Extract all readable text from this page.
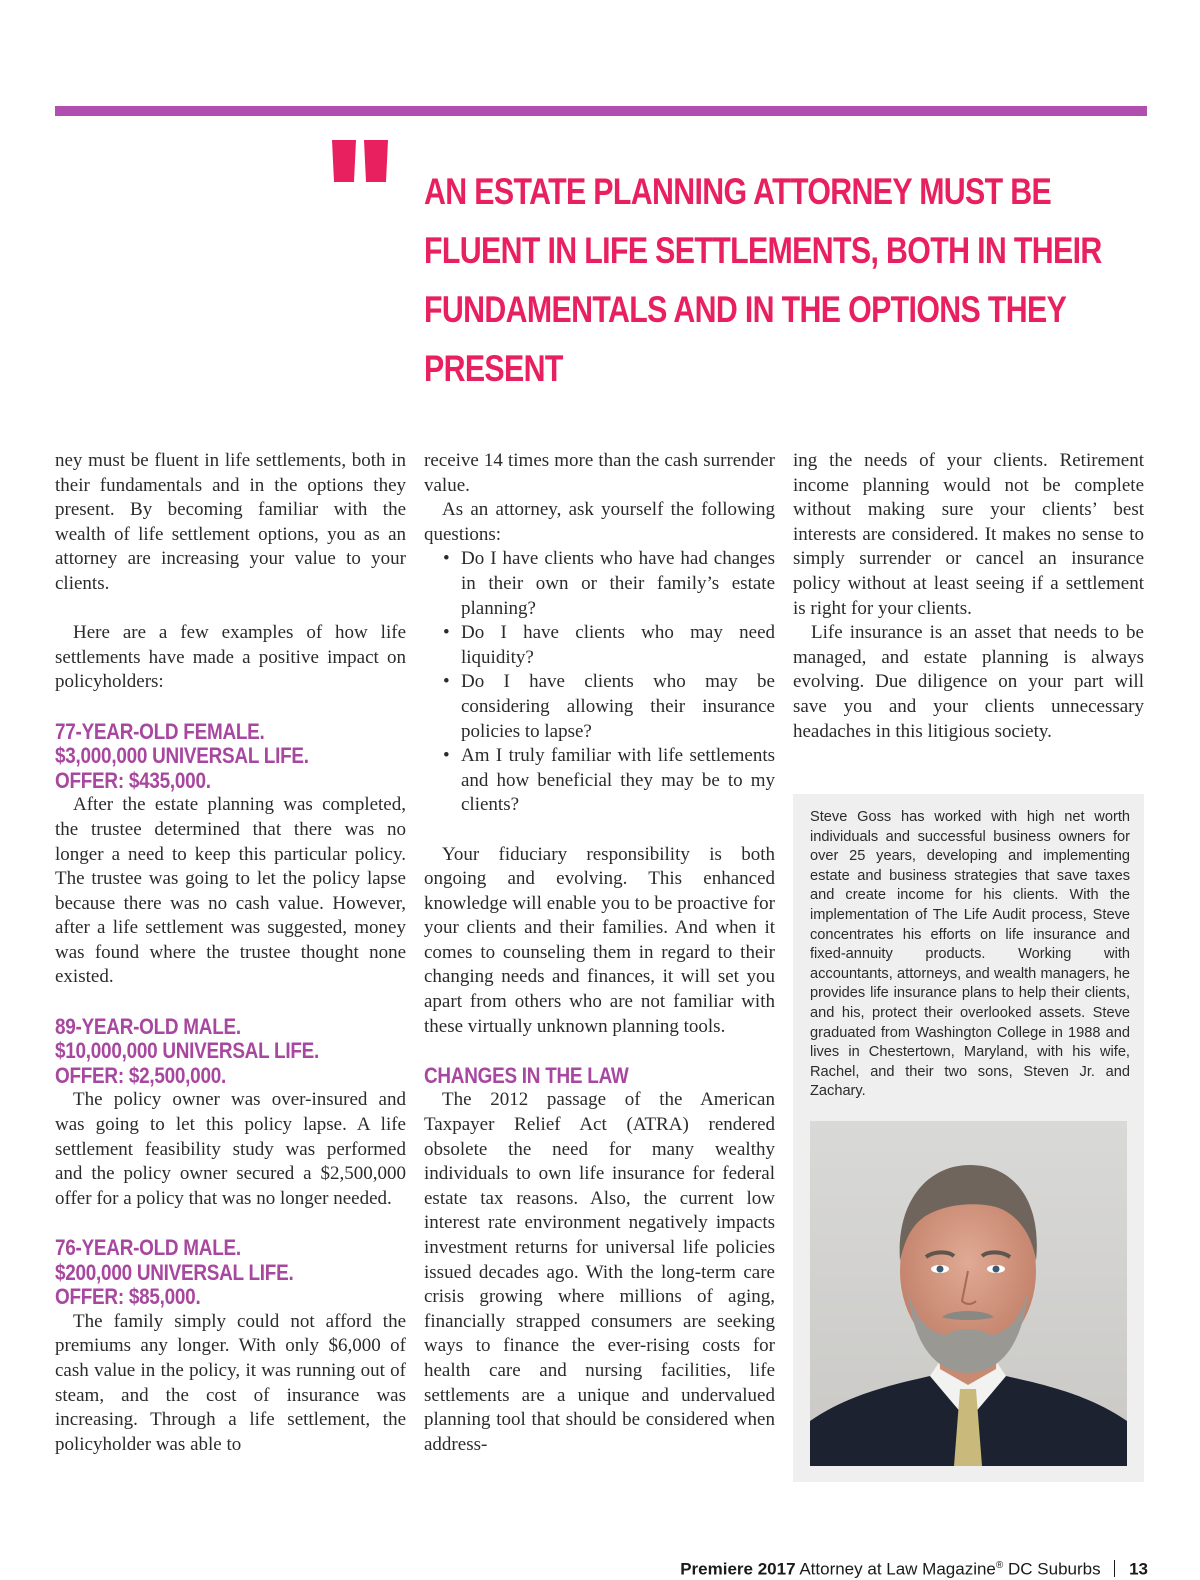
AN ESTATE PLANNING ATTORNEY MUST BE FLUENT IN LIFE SETTLEMENTS, BOTH IN THEIR FUNDAMENTALS AND IN THE OPTIONS THEY PRESENT

ney must be fluent in life settlements, both in their fundamentals and in the options they present. By becoming familiar with the wealth of life settlement options, you as an attorney are increasing your value to your clients.

Here are a few examples of how life settlements have made a positive impact on policyholders:

77-YEAR-OLD FEMALE.
$3,000,000 UNIVERSAL LIFE.
OFFER: $435,000.

After the estate planning was completed, the trustee determined that there was no longer a need to keep this particular policy. The trustee was going to let the policy lapse because there was no cash value. However, after a life settlement was suggested, money was found where the trustee thought none existed.

89-YEAR-OLD MALE.
$10,000,000 UNIVERSAL LIFE.
OFFER: $2,500,000.

The policy owner was over-insured and was going to let this policy lapse. A life settlement feasibility study was performed and the policy owner secured a $2,500,000 offer for a policy that was no longer needed.

76-YEAR-OLD MALE.
$200,000 UNIVERSAL LIFE.
OFFER: $85,000.

The family simply could not afford the premiums any longer. With only $6,000 of cash value in the policy, it was running out of steam, and the cost of insurance was increasing. Through a life settlement, the policyholder was able to

receive 14 times more than the cash surrender value.

As an attorney, ask yourself the following questions:

• Do I have clients who have had changes in their own or their family’s estate planning?
• Do I have clients who may need liquidity?
• Do I have clients who may be considering allowing their insurance policies to lapse?
• Am I truly familiar with life settlements and how beneficial they may be to my clients?

Your fiduciary responsibility is both ongoing and evolving. This enhanced knowledge will enable you to be proactive for your clients and their families. And when it comes to counseling them in regard to their changing needs and finances, it will set you apart from others who are not familiar with these virtually unknown planning tools.

CHANGES IN THE LAW

The 2012 passage of the American Taxpayer Relief Act (ATRA) rendered obsolete the need for many wealthy individuals to own life insurance for federal estate tax reasons. Also, the current low interest rate environment negatively impacts investment returns for universal life policies issued decades ago. With the long-term care crisis growing where millions of aging, financially strapped consumers are seeking ways to finance the ever-rising costs for health care and nursing facilities, life settlements are a unique and undervalued planning tool that should be considered when address-

ing the needs of your clients. Retirement income planning would not be complete without making sure your clients’ best interests are considered. It makes no sense to simply surrender or cancel an insurance policy without at least seeing if a settlement is right for your clients.

Life insurance is an asset that needs to be managed, and estate planning is always evolving. Due diligence on your part will save you and your clients unnecessary headaches in this litigious society.

Steve Goss has worked with high net worth individuals and successful business owners for over 25 years, developing and implementing estate and business strategies that save taxes and create income for his clients. With the implementation of The Life Audit process, Steve concentrates his efforts on life insurance and fixed-annuity products. Working with accountants, attorneys, and wealth managers, he provides life insurance plans to help their clients, and his, protect their overlooked assets. Steve graduated from Washington College in 1988 and lives in Chestertown, Maryland, with his wife, Rachel, and their two sons, Steven Jr. and Zachary.

Premiere 2017 Attorney at Law Magazine® DC Suburbs 13
